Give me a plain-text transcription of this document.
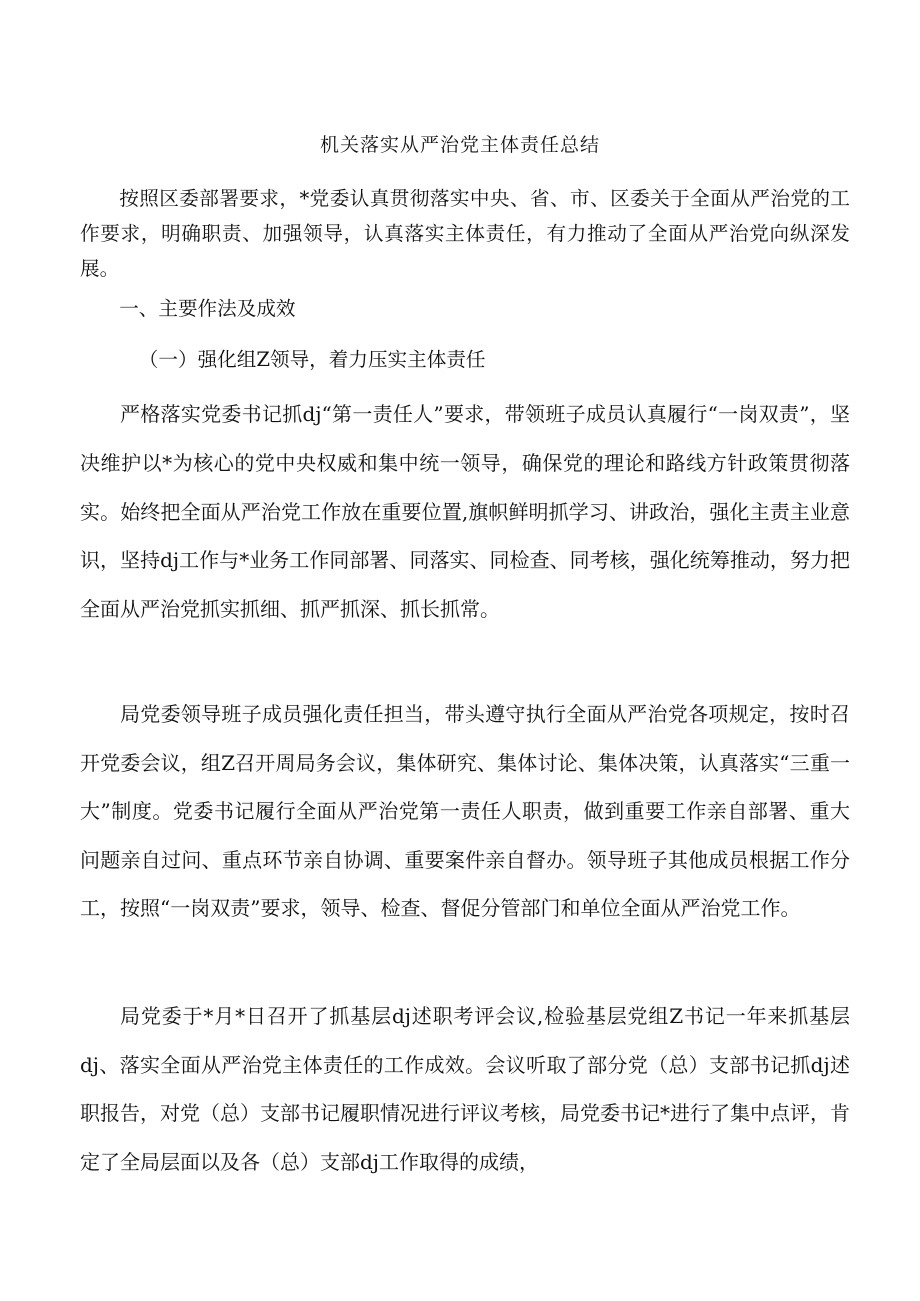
机关落实从严治党主体责任总结

按照区委部署要求，*党委认真贯彻落实中央、省、市、区委关于全面从严治党的工作要求，明确职责、加强领导，认真落实主体责任，有力推动了全面从严治党向纵深发展。

一、主要作法及成效

（一）强化组Z领导，着力压实主体责任

严格落实党委书记抓dj“第一责任人”要求，带领班子成员认真履行“一岗双责”，坚决维护以*为核心的党中央权威和集中统一领导，确保党的理论和路线方针政策贯彻落实。始终把全面从严治党工作放在重要位置,旗帜鲜明抓学习、讲政治，强化主责主业意识，坚持dj工作与*业务工作同部署、同落实、同检查、同考核，强化统筹推动，努力把全面从严治党抓实抓细、抓严抓深、抓长抓常。

局党委领导班子成员强化责任担当，带头遵守执行全面从严治党各项规定，按时召开党委会议，组Z召开周局务会议，集体研究、集体讨论、集体决策，认真落实“三重一大”制度。党委书记履行全面从严治党第一责任人职责，做到重要工作亲自部署、重大问题亲自过问、重点环节亲自协调、重要案件亲自督办。领导班子其他成员根据工作分工，按照“一岗双责”要求，领导、检查、督促分管部门和单位全面从严治党工作。

局党委于*月*日召开了抓基层dj述职考评会议,检验基层党组Z书记一年来抓基层dj、落实全面从严治党主体责任的工作成效。会议听取了部分党（总）支部书记抓dj述职报告，对党（总）支部书记履职情况进行评议考核，局党委书记*进行了集中点评，肯定了全局层面以及各（总）支部dj工作取得的成绩，
